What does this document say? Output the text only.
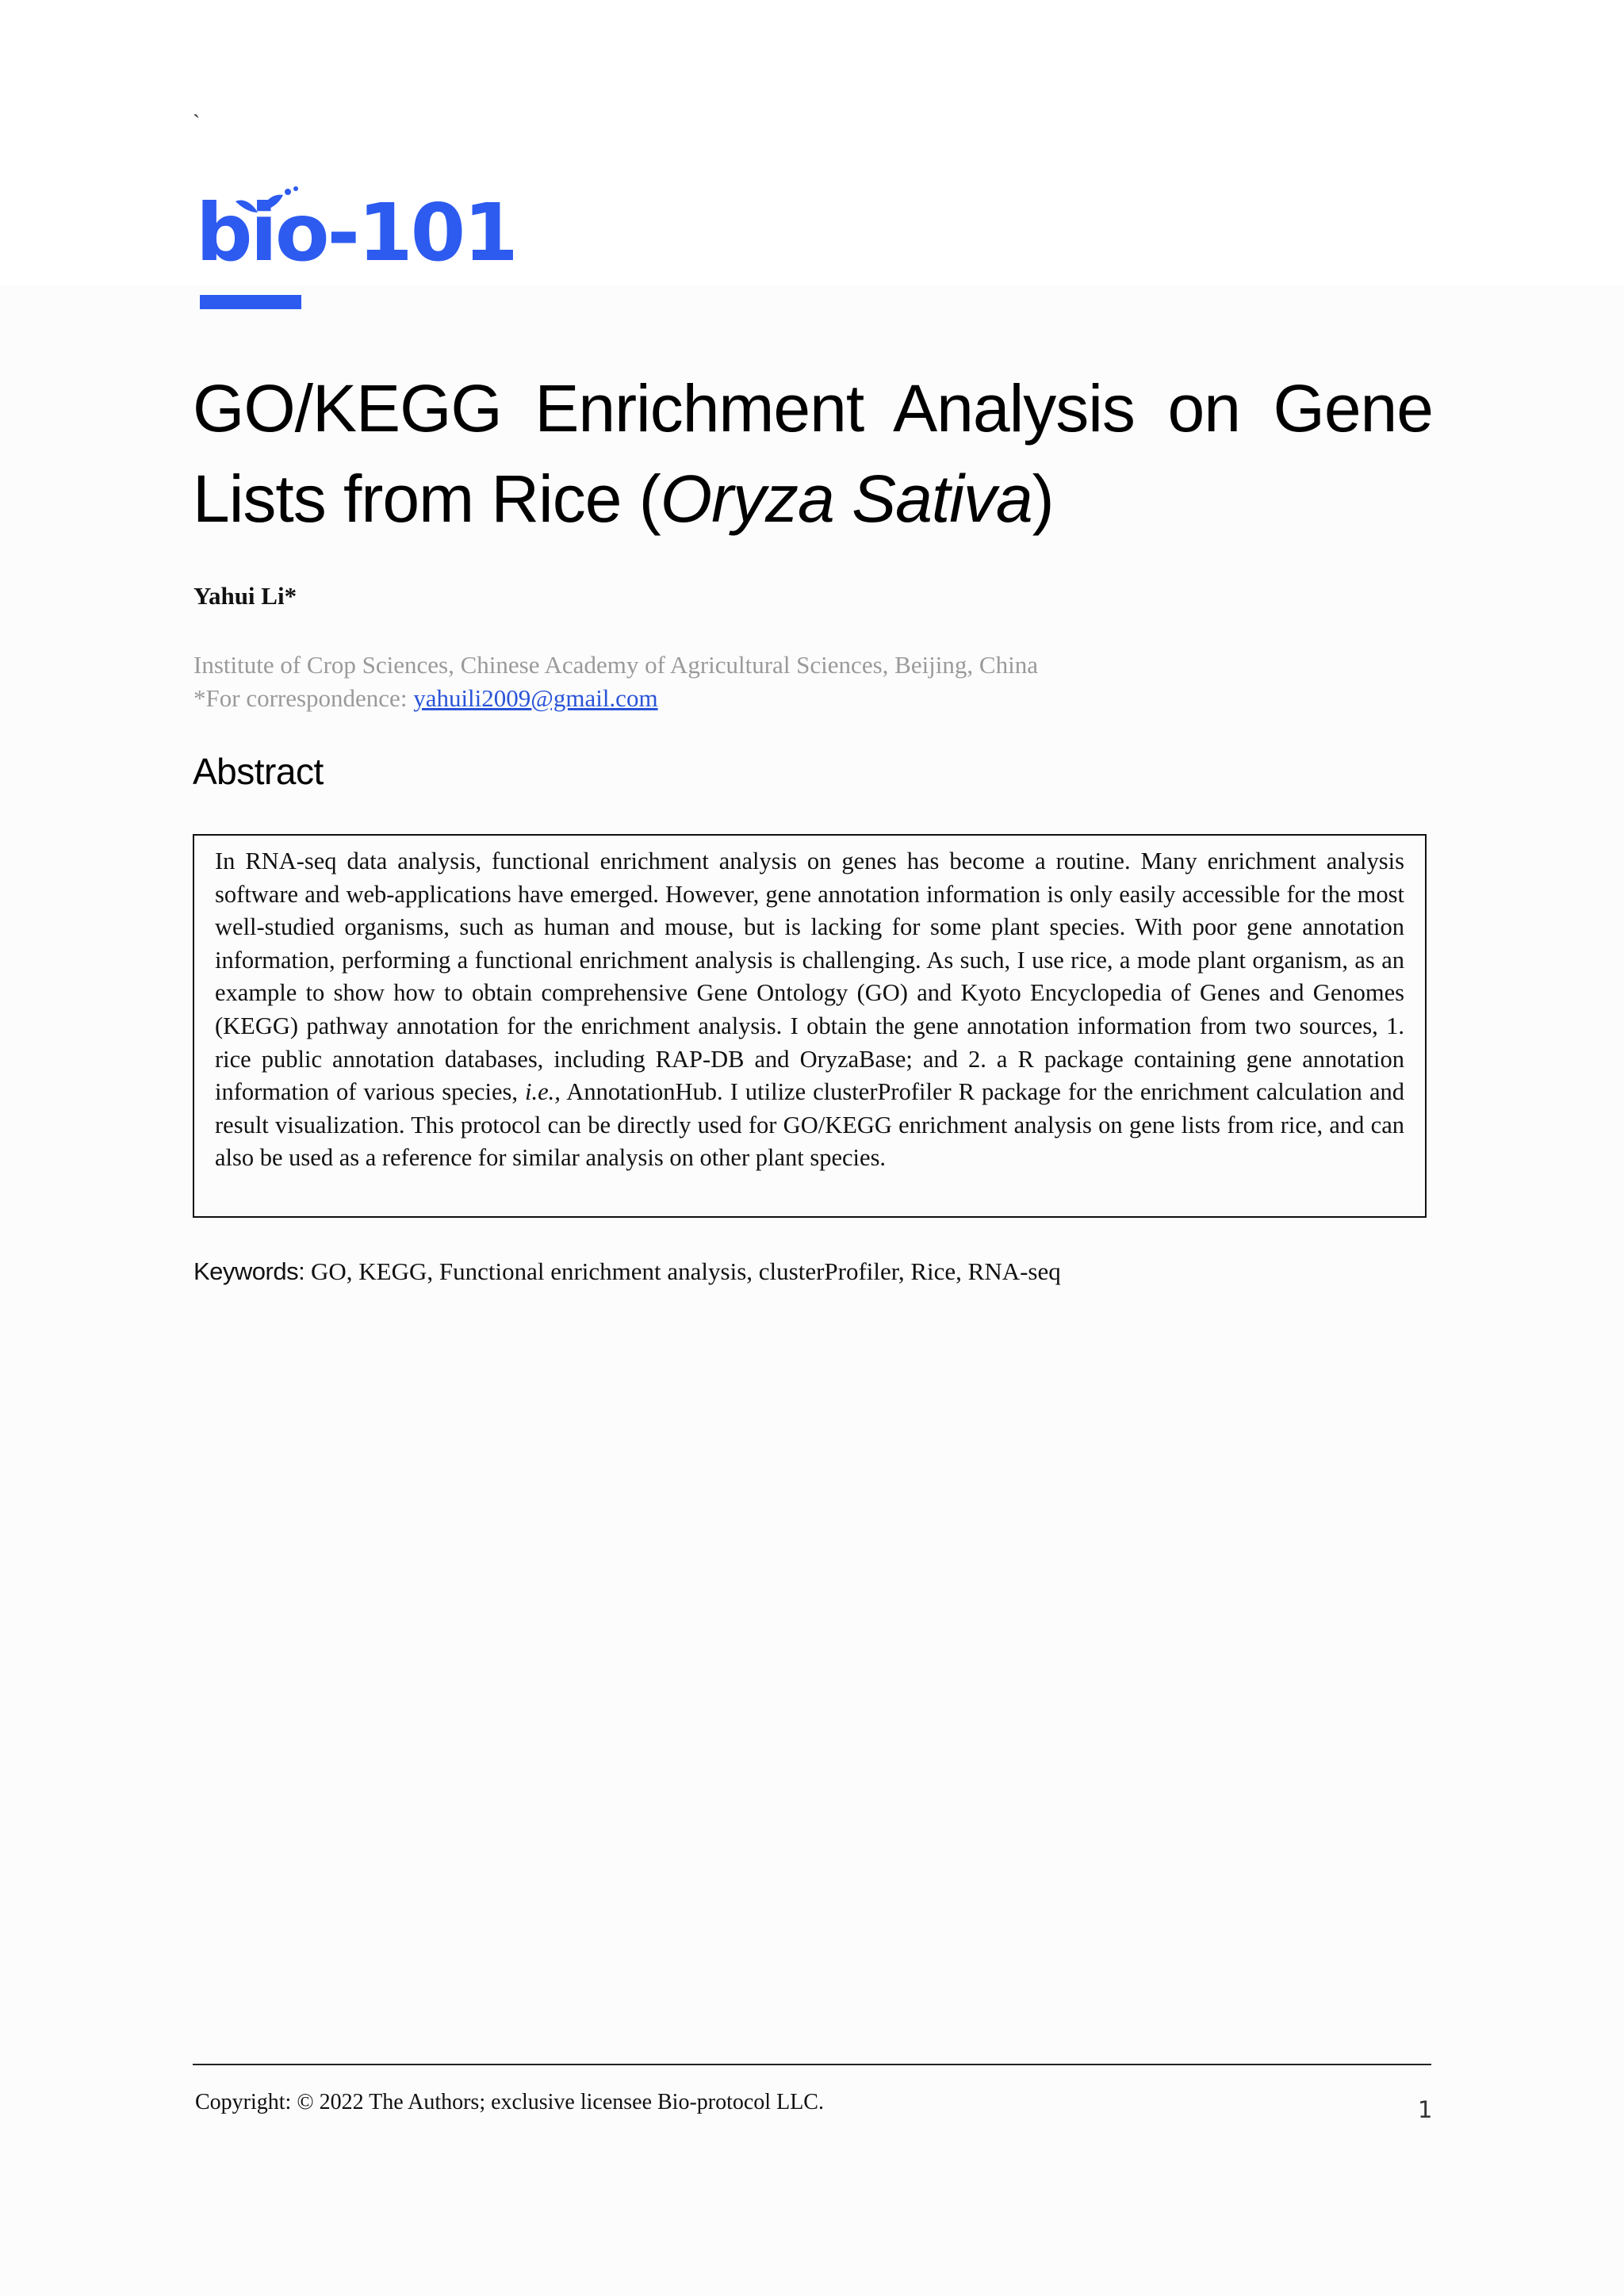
`
bio-101
GO/KEGG Enrichment Analysis on Gene Lists from Rice (Oryza Sativa)
Yahui Li*
Institute of Crop Sciences, Chinese Academy of Agricultural Sciences, Beijing, China
*For correspondence: yahuili2009@gmail.com
Abstract

In RNA-seq data analysis, functional enrichment analysis on genes has become a routine. Many enrichment analysis software and web-applications have emerged. However, gene annotation information is only easily accessible for the most well-studied organisms, such as human and mouse, but is lacking for some plant species. With poor gene annotation information, performing a functional enrichment analysis is challenging. As such, I use rice, a mode plant organism, as an example to show how to obtain comprehensive Gene Ontology (GO) and Kyoto Encyclopedia of Genes and Genomes (KEGG) pathway annotation for the enrichment analysis. I obtain the gene annotation information from two sources, 1. rice public annotation databases, including RAP-DB and OryzaBase; and 2. a R package containing gene annotation information of various species, i.e., AnnotationHub. I utilize clusterProfiler R package for the enrichment calculation and result visualization. This protocol can be directly used for GO/KEGG enrichment analysis on gene lists from rice, and can also be used as a reference for similar analysis on other plant species.

Keywords: GO, KEGG, Functional enrichment analysis, clusterProfiler, Rice, RNA-seq
Copyright: © 2022 The Authors; exclusive licensee Bio-protocol LLC.	1
